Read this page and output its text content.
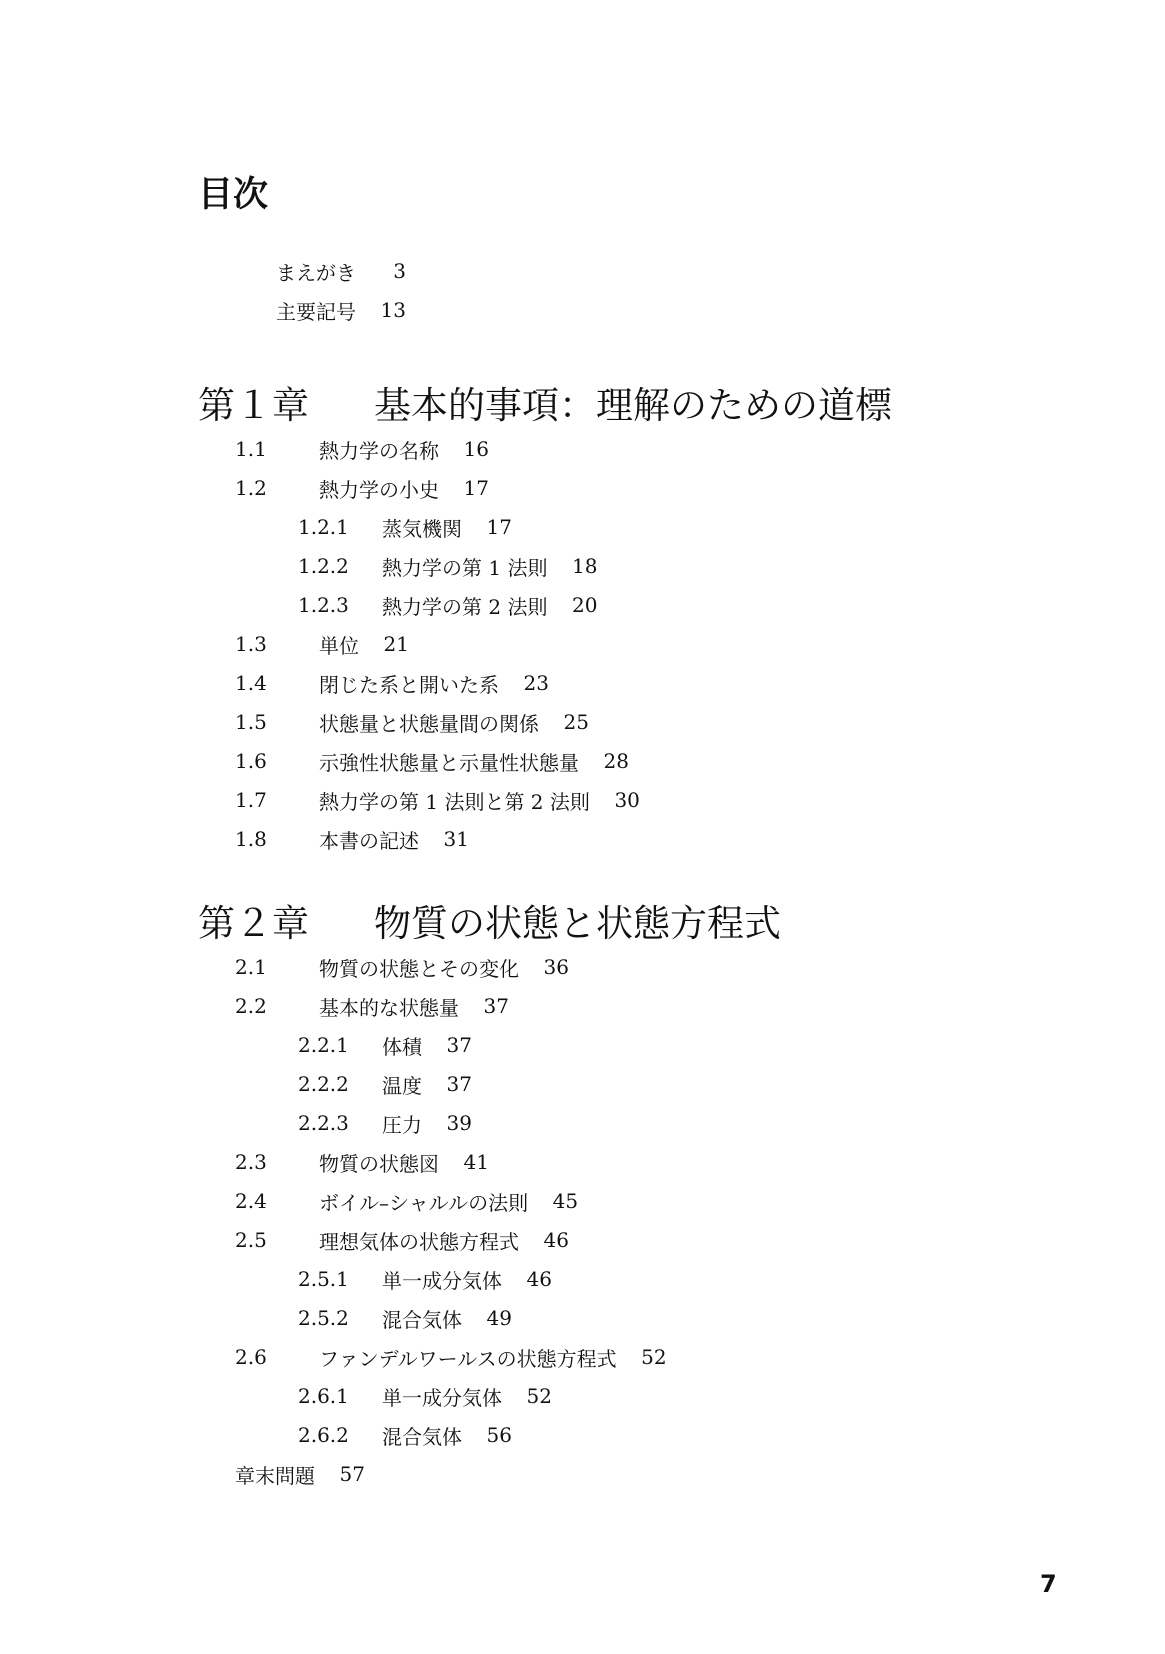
目次
まえがき	3
主要記号	13
第１章	基本的事項：理解のための道標
1.1	熱力学の名称	16
1.2	熱力学の小史	17
1.2.1	蒸気機関	17
1.2.2	熱力学の第 1 法則	18
1.2.3	熱力学の第 2 法則	20
1.3	単位	21
1.4	閉じた系と開いた系	23
1.5	状態量と状態量間の関係	25
1.6	示強性状態量と示量性状態量	28
1.7	熱力学の第 1 法則と第 2 法則	30
1.8	本書の記述	31
第２章	物質の状態と状態方程式
2.1	物質の状態とその変化	36
2.2	基本的な状態量	37
2.2.1	体積	37
2.2.2	温度	37
2.2.3	圧力	39
2.3	物質の状態図	41
2.4	ボイル–シャルルの法則	45
2.5	理想気体の状態方程式	46
2.5.1	単一成分気体	46
2.5.2	混合気体	49
2.6	ファンデルワールスの状態方程式	52
2.6.1	単一成分気体	52
2.6.2	混合気体	56
章末問題	57
7
